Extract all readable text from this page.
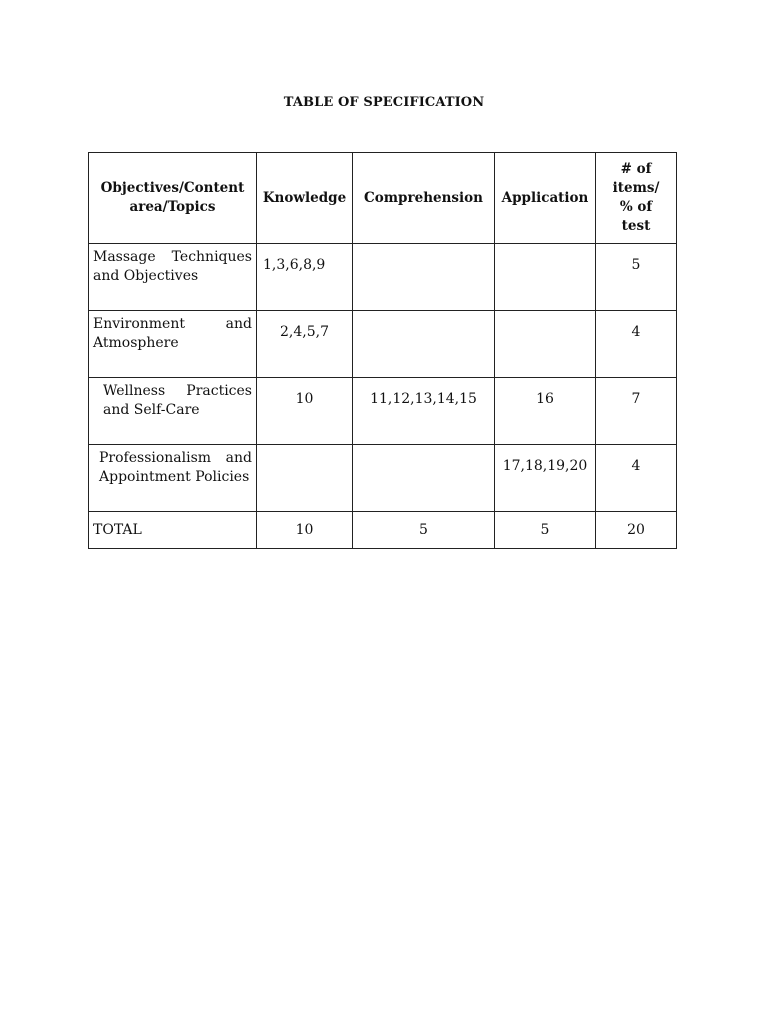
TABLE OF SPECIFICATION
Objectives/Content area/Topics	Knowledge	Comprehension	Application	# of items/ % of test
Massage Techniques and Objectives	1,3,6,8,9			5
Environment and Atmosphere	2,4,5,7			4
Wellness Practices and Self-Care	10	11,12,13,14,15	16	7
Professionalism and Appointment Policies			17,18,19,20	4
TOTAL	10	5	5	20
